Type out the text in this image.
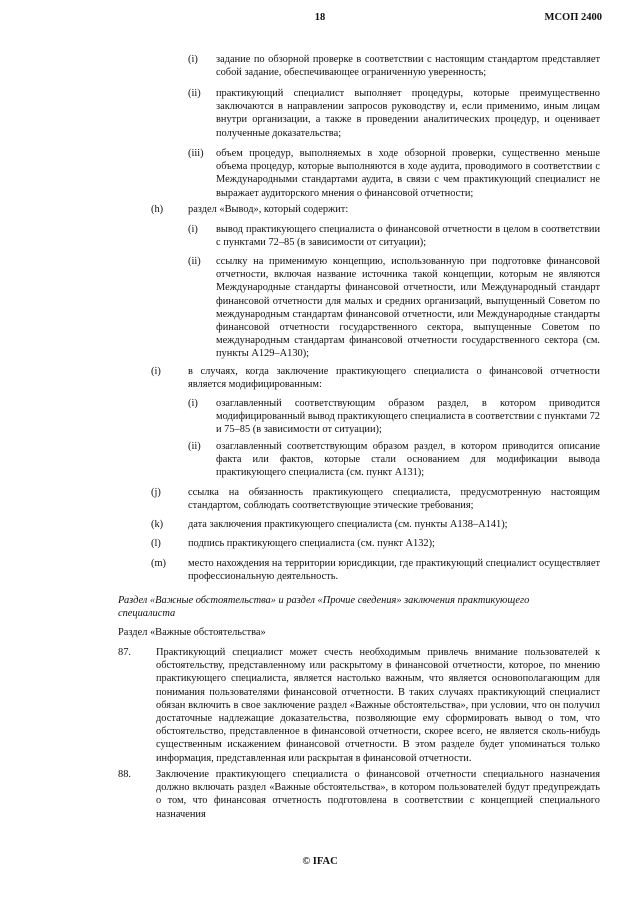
18	МСОП 2400
(i) задание по обзорной проверке в соответствии с настоящим стандартом представляет собой задание, обеспечивающее ограниченную уверенность;
(ii) практикующий специалист выполняет процедуры, которые преимущественно заключаются в направлении запросов руководству и, если применимо, иным лицам внутри организации, а также в проведении аналитических процедур, и оценивает полученные доказательства;
(iii) объем процедур, выполняемых в ходе обзорной проверки, существенно меньше объема процедур, которые выполняются в ходе аудита, проводимого в соответствии с Международными стандартами аудита, в связи с чем практикующий специалист не выражает аудиторского мнения о финансовой отчетности;
(h) раздел «Вывод», который содержит:
(i) вывод практикующего специалиста о финансовой отчетности в целом в соответствии с пунктами 72–85 (в зависимости от ситуации);
(ii) ссылку на применимую концепцию, использованную при подготовке финансовой отчетности, включая название источника такой концепции, которым не являются Международные стандарты финансовой отчетности, или Международный стандарт финансовой отчетности для малых и средних организаций, выпущенный Советом по международным стандартам финансовой отчетности, или Международные стандарты финансовой отчетности государственного сектора, выпущенные Советом по международным стандартам финансовой отчетности государственного сектора (см. пункты A129–A130);
(i)	в случаях, когда заключение практикующего специалиста о финансовой отчетности является модифицированным:
(i) озаглавленный соответствующим образом раздел, в котором приводится модифицированный вывод практикующего специалиста в соответствии с пунктами 72 и 75–85 (в зависимости от ситуации);
(ii) озаглавленный соответствующим образом раздел, в котором приводится описание факта или фактов, которые стали основанием для модификации вывода практикующего специалиста (см. пункт A131);
(j)	ссылка на обязанность практикующего специалиста, предусмотренную настоящим стандартом, соблюдать соответствующие этические требования;
(k) дата заключения практикующего специалиста (см. пункты A138–A141);
(l)	подпись практикующего специалиста (см. пункт A132);
(m) место нахождения на территории юрисдикции, где практикующий специалист осуществляет профессиональную деятельность.
Раздел «Важные обстоятельства» и раздел «Прочие сведения» заключения практикующего специалиста
Раздел «Важные обстоятельства»
87. Практикующий специалист может счесть необходимым привлечь внимание пользователей к обстоятельству, представленному или раскрытому в финансовой отчетности, которое, по мнению практикующего специалиста, является настолько важным, что является основополагающим для понимания пользователями финансовой отчетности. В таких случаях практикующий специалист обязан включить в свое заключение раздел «Важные обстоятельства», при условии, что он получил достаточные надлежащие доказательства, позволяющие ему сформировать вывод о том, что обстоятельство, представленное в финансовой отчетности, скорее всего, не является сколь-нибудь существенным искажением финансовой отчетности. В этом разделе будет упоминаться только информация, представленная или раскрытая в финансовой отчетности.
88. Заключение практикующего специалиста о финансовой отчетности специального назначения должно включать раздел «Важные обстоятельства», в котором пользователей будут предупреждать о том, что финансовая отчетность подготовлена в соответствии с концепцией специального назначения
© IFAC
